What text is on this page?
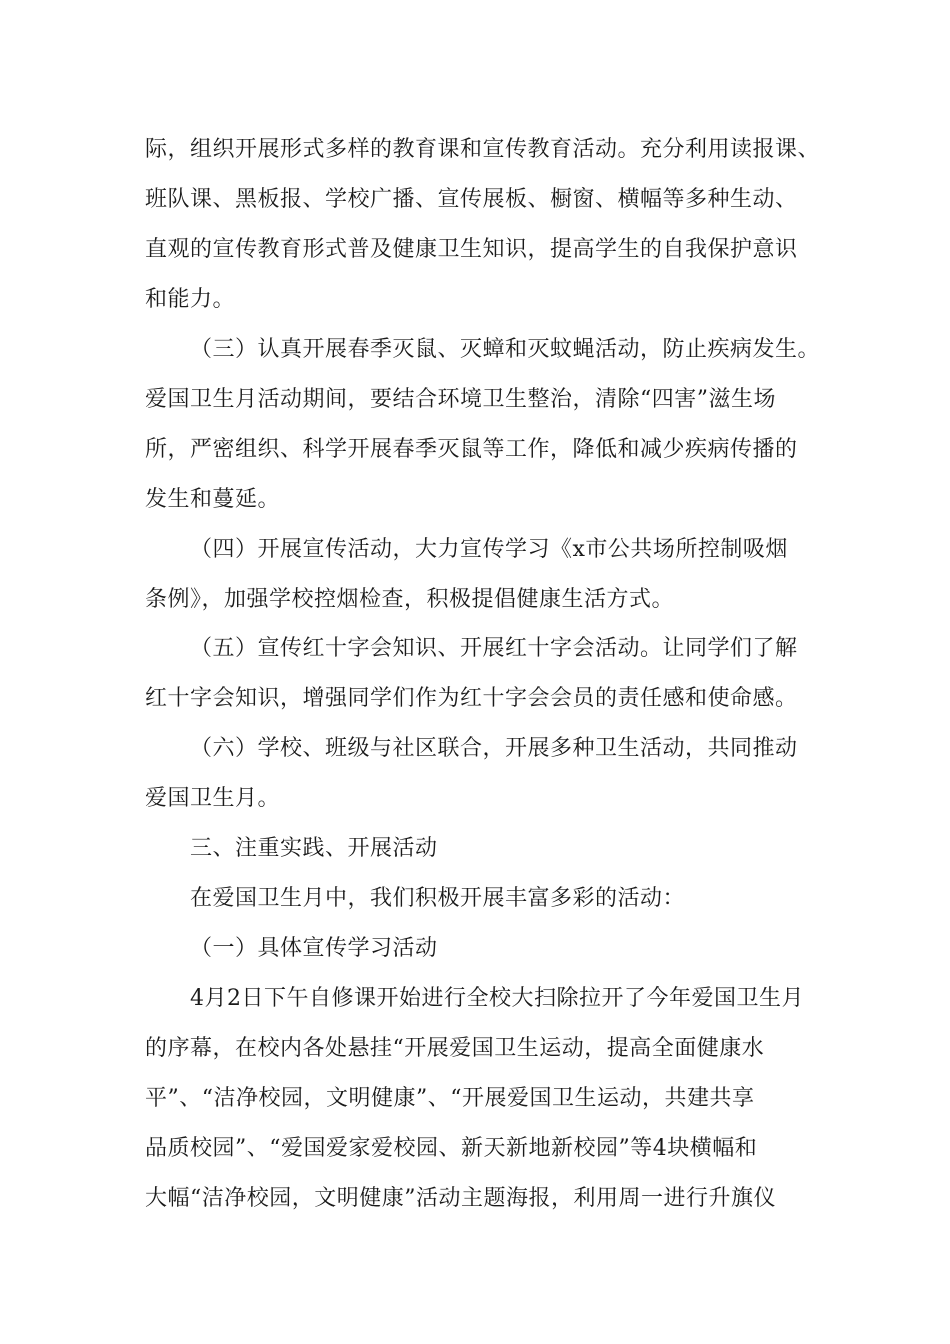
际，组织开展形式多样的教育课和宣传教育活动。充分利用读报课、
班队课、黑板报、学校广播、宣传展板、橱窗、横幅等多种生动、
直观的宣传教育形式普及健康卫生知识，提高学生的自我保护意识
和能力。
（三）认真开展春季灭鼠、灭蟑和灭蚊蝇活动，防止疾病发生。
爱国卫生月活动期间，要结合环境卫生整治，清除“四害”滋生场
所，严密组织、科学开展春季灭鼠等工作，降低和减少疾病传播的
发生和蔓延。
（四）开展宣传活动，大力宣传学习《x市公共场所控制吸烟
条例》，加强学校控烟检查，积极提倡健康生活方式。
（五）宣传红十字会知识、开展红十字会活动。让同学们了解
红十字会知识，增强同学们作为红十字会会员的责任感和使命感。
（六）学校、班级与社区联合，开展多种卫生活动，共同推动
爱国卫生月。
三、注重实践、开展活动
在爱国卫生月中，我们积极开展丰富多彩的活动：
（一）具体宣传学习活动
4月2日下午自修课开始进行全校大扫除拉开了今年爱国卫生月
的序幕，在校内各处悬挂“开展爱国卫生运动，提高全面健康水
平”、“洁净校园，文明健康”、“开展爱国卫生运动，共建共享
品质校园”、“爱国爱家爱校园、新天新地新校园”等4块横幅和
大幅“洁净校园，文明健康”活动主题海报，利用周一进行升旗仪
